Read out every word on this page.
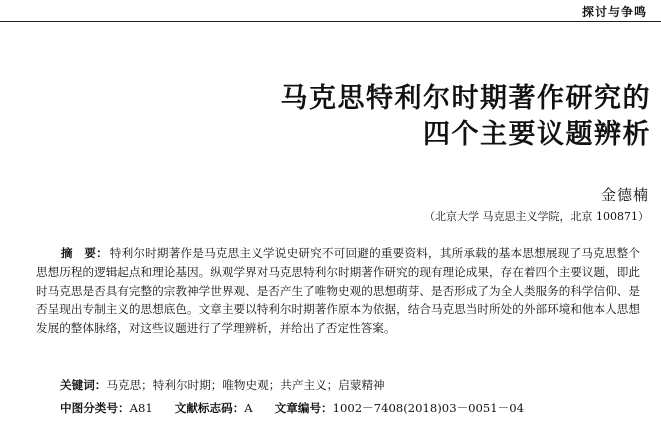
探讨与争鸣
马克思特利尔时期著作研究的
四个主要议题辨析
金德楠
（北京大学 马克思主义学院，北京 100871）
摘　要： 特利尔时期著作是马克思主义学说史研究不可回避的重要资料，其所承载的基本思想展现了马克思整个思想历程的逻辑起点和理论基因。纵观学界对马克思特利尔时期著作研究的现有理论成果，存在着四个主要议题，即此时马克思是否具有完整的宗教神学世界观、是否产生了唯物史观的思想萌芽、是否形成了为全人类服务的科学信仰、是否呈现出专制主义的思想底色。文章主要以特利尔时期著作原本为依据，结合马克思当时所处的外部环境和他本人思想发展的整体脉络，对这些议题进行了学理辨析，并给出了否定性答案。
关键词：马克思；特利尔时期；唯物史观；共产主义；启蒙精神
中图分类号：A81 文献标志码：A 文章编号：1002－7408(2018)03－0051－04
